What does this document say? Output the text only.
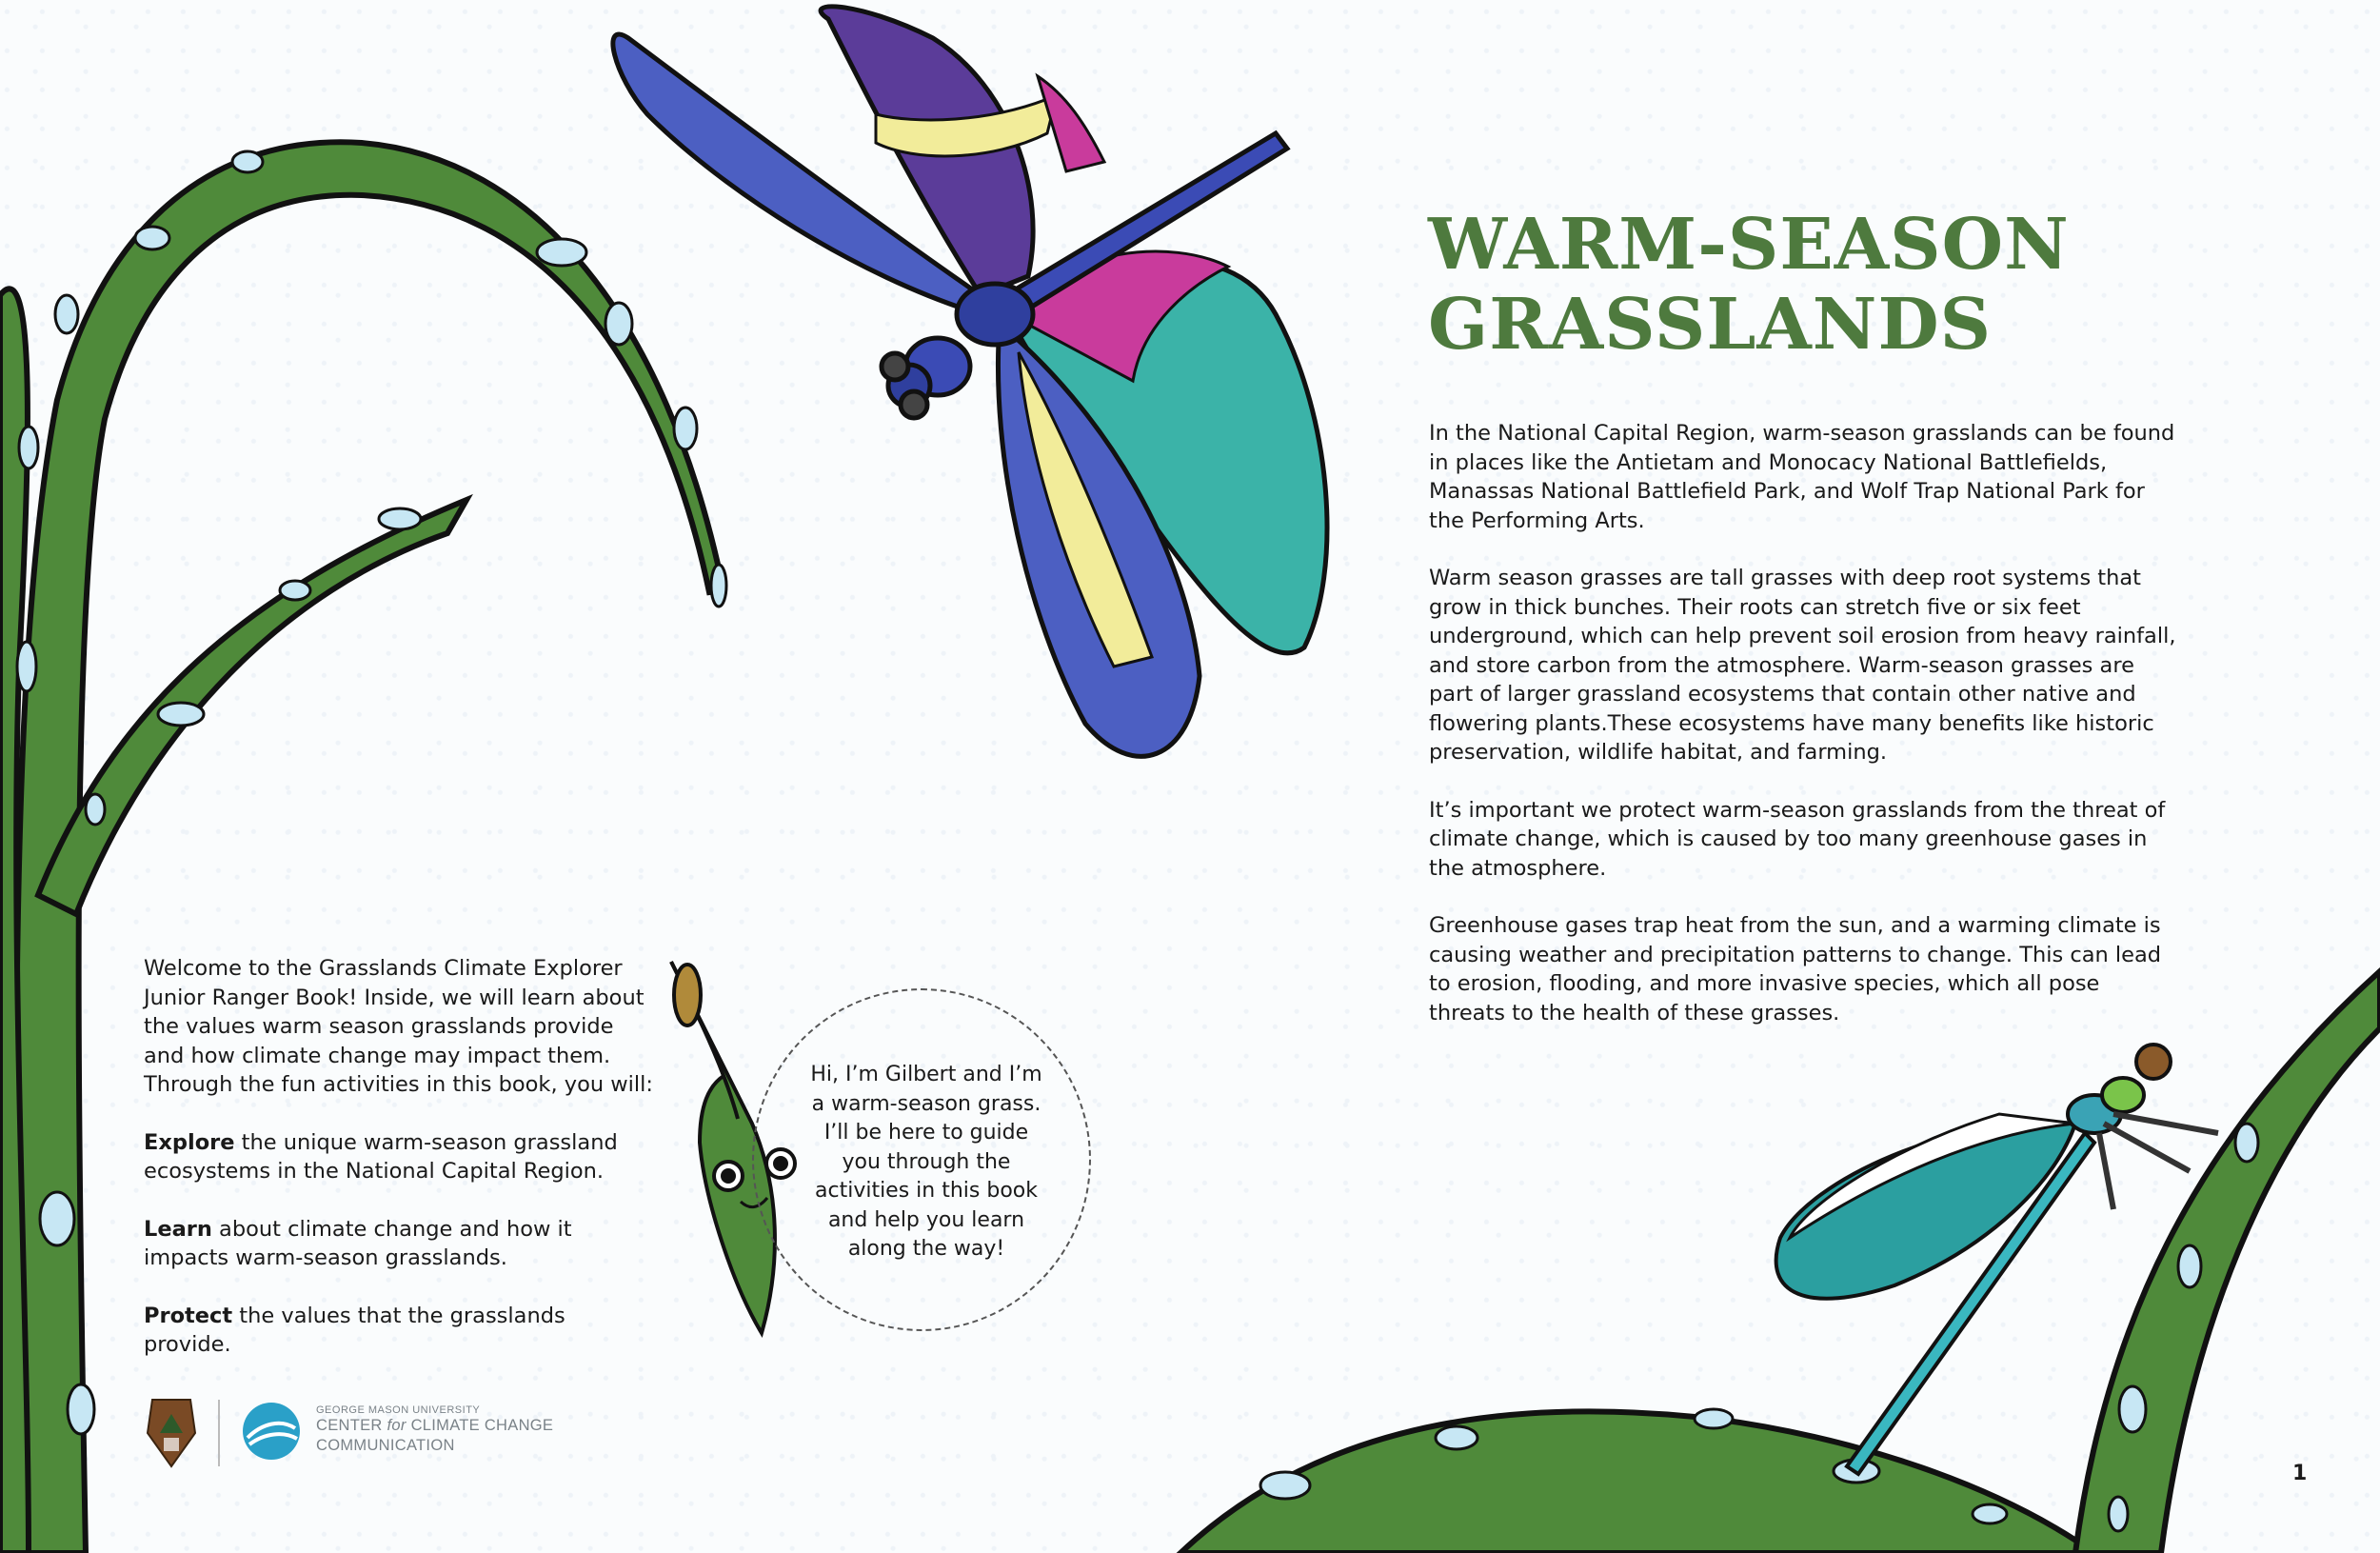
WARM-SEASON
GRASSLANDS

In the National Capital Region, warm-season grasslands can be found in places like the Antietam and Monocacy National Battlefields, Manassas National Battlefield Park, and Wolf Trap National Park for the Performing Arts.

Warm season grasses are tall grasses with deep root systems that grow in thick bunches. Their roots can stretch five or six feet underground, which can help prevent soil erosion from heavy rainfall, and store carbon from the atmosphere. Warm-season grasses are part of larger grassland ecosystems that contain other native and flowering plants.These ecosystems have many benefits like historic preservation, wildlife habitat, and farming.

It’s important we protect warm-season grasslands from the threat of climate change, which is caused by too many greenhouse gases in the atmosphere.

Greenhouse gases trap heat from the sun, and a warming climate is causing weather and precipitation patterns to change. This can lead to erosion, flooding, and more invasive species, which all pose threats to the health of these grasses.

Welcome to the Grasslands Climate Explorer Junior Ranger Book! Inside, we will learn about the values warm season grasslands provide and how climate change may impact them. Through the fun activities in this book, you will:

Explore the unique warm-season grassland ecosystems in the National Capital Region.

Learn about climate change and how it impacts warm-season grasslands.

Protect the values that the grasslands provide.

Hi, I’m Gilbert and I’m a warm-season grass. I’ll be here to guide you through the activities in this book and help you learn along the way!
GEORGE MASON UNIVERSITY
CENTER for CLIMATE CHANGE
COMMUNICATION
1
